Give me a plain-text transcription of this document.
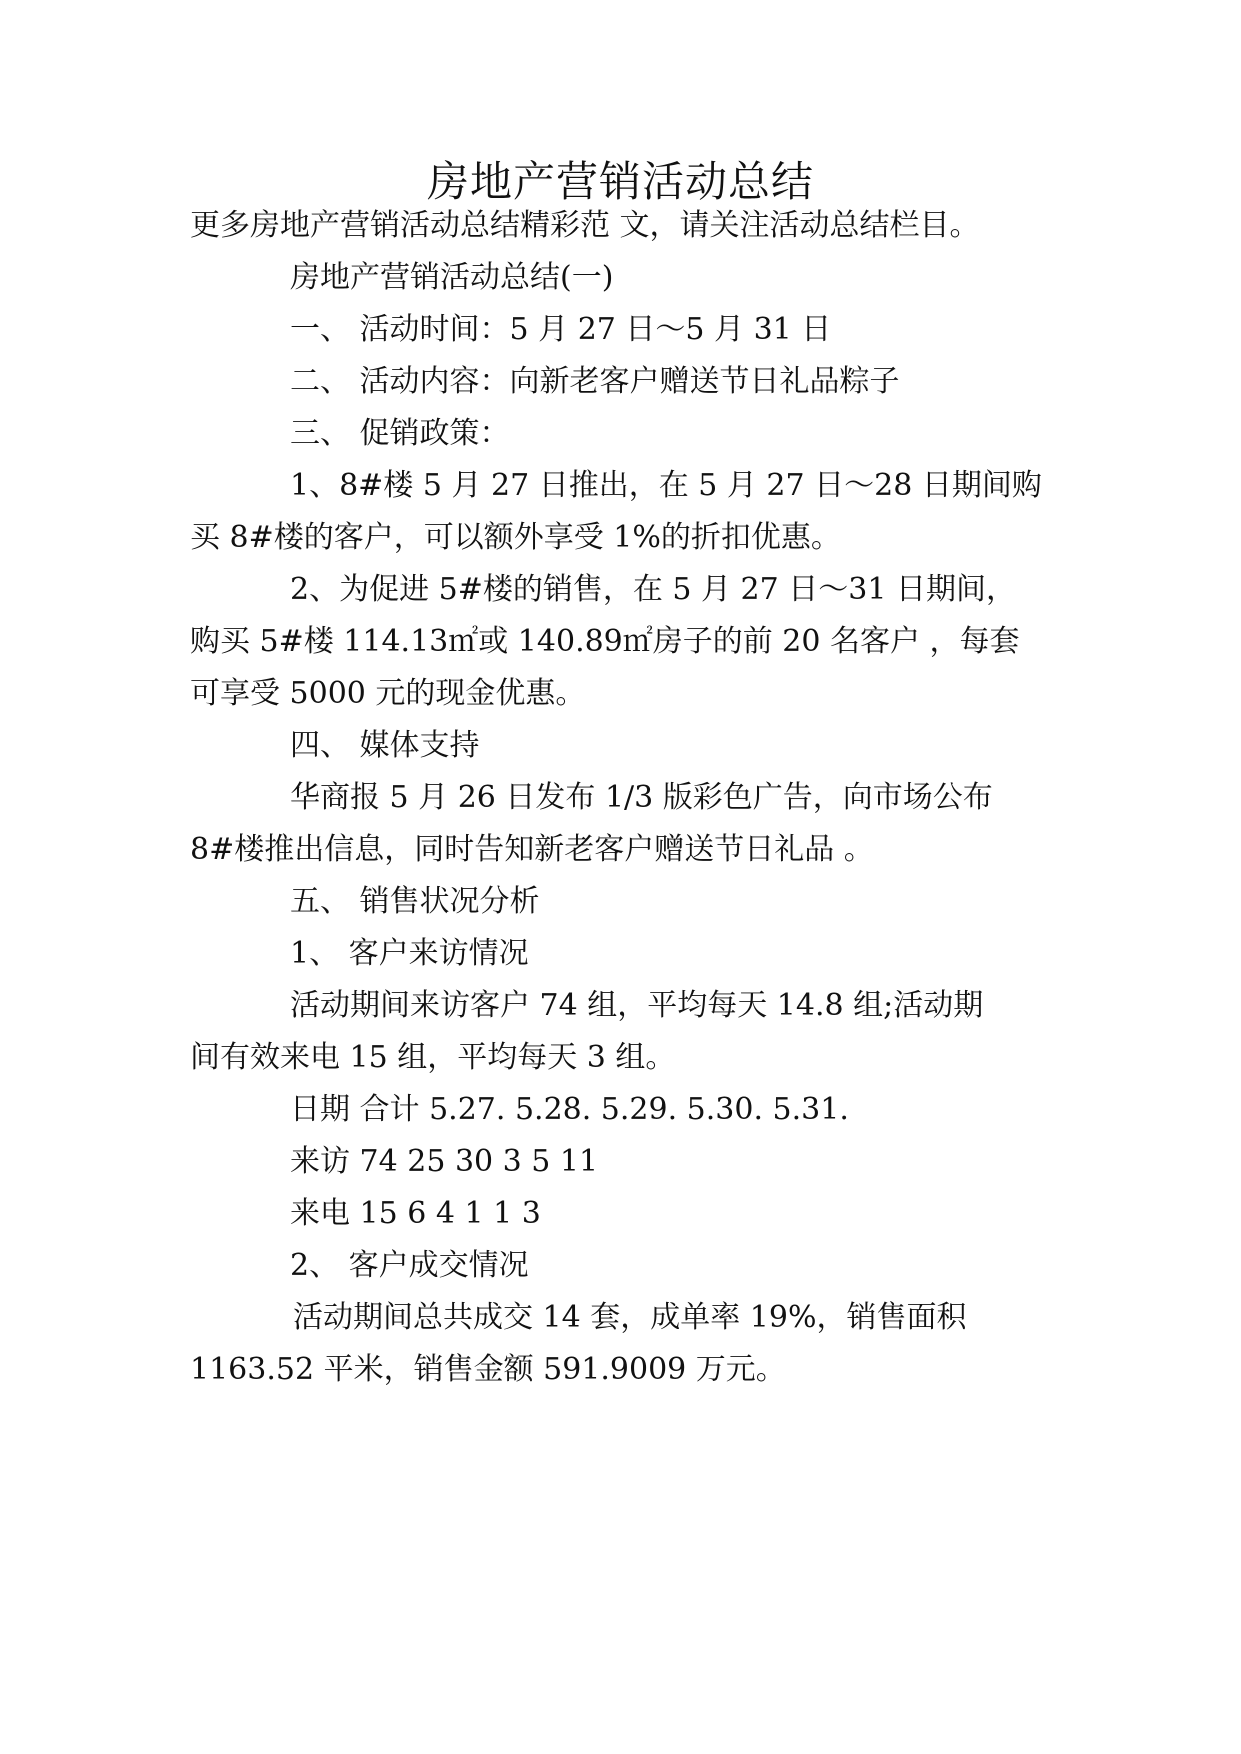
房地产营销活动总结
更多房地产营销活动总结精彩范 文，请关注活动总结栏目。
房地产营销活动总结(一)
一、 活动时间：5 月 27 日～5 月 31 日
二、 活动内容：向新老客户赠送节日礼品粽子
三、 促销政策：
1、8#楼 5 月 27 日推出，在 5 月 27 日～28 日期间购
买 8#楼的客户，可以额外享受 1%的折扣优惠。
2、为促进 5#楼的销售，在 5 月 27 日～31 日期间，
购买 5#楼 114.13㎡或 140.89㎡房子的前 20 名客户 ，每套
可享受 5000 元的现金优惠。
四、 媒体支持
华商报 5 月 26 日发布 1/3 版彩色广告，向市场公布
8#楼推出信息，同时告知新老客户赠送节日礼品 。
五、 销售状况分析
1、 客户来访情况
活动期间来访客户 74 组，平均每天 14.8 组;活动期
间有效来电 15 组，平均每天 3 组。
日期 合计 5.27. 5.28. 5.29. 5.30. 5.31.
来访 74 25 30 3 5 11
来电 15 6 4 1 1 3
2、 客户成交情况
活动期间总共成交 14 套，成单率 19%，销售面积
1163.52 平米，销售金额 591.9009 万元。
